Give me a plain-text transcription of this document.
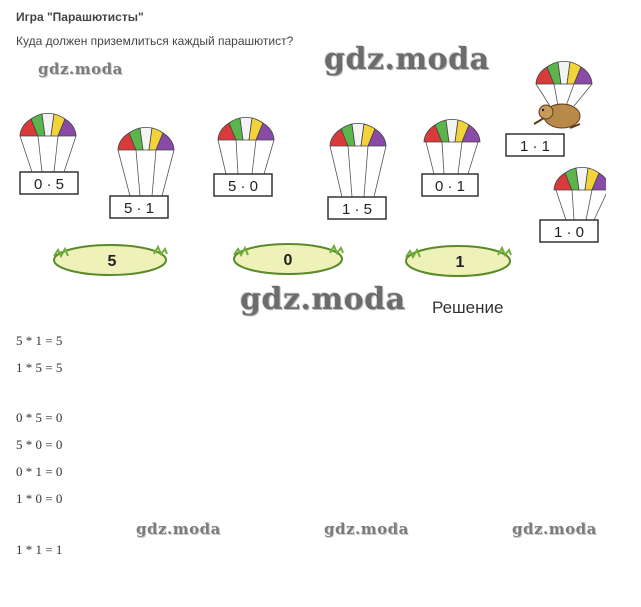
Игра "Парашютисты"
Куда должен приземлиться каждый парашютист?
gdz.moda
gdz.moda
0 · 5
5 · 1
5 · 0
1 · 5
0 · 1
1 · 1
1 · 0
5	0	1
gdz.moda Решение
5 * 1 = 5
1 * 5 = 5
0 * 5 = 0
5 * 0 = 0
0 * 1 = 0
1 * 0 = 0
1 * 1 = 1
gdz.moda	gdz.moda	gdz.moda
